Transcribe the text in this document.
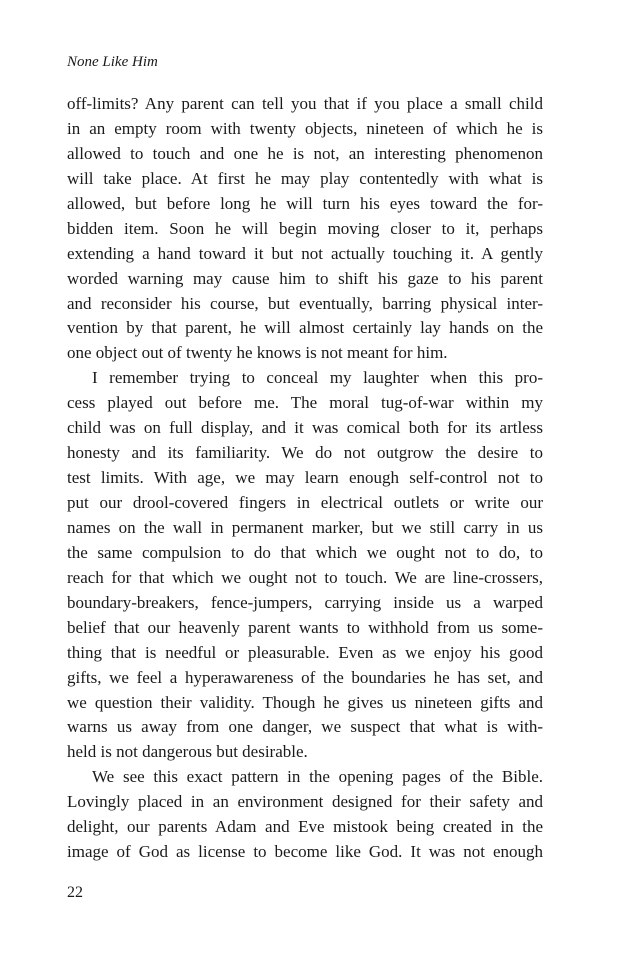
None Like Him
off-limits? Any parent can tell you that if you place a small child
in an empty room with twenty objects, nineteen of which he is
allowed to touch and one he is not, an interesting phenomenon
will take place. At first he may play contentedly with what is
allowed, but before long he will turn his eyes toward the for-
bidden item. Soon he will begin moving closer to it, perhaps
extending a hand toward it but not actually touching it. A gently
worded warning may cause him to shift his gaze to his parent
and reconsider his course, but eventually, barring physical inter-
vention by that parent, he will almost certainly lay hands on the
one object out of twenty he knows is not meant for him.
I remember trying to conceal my laughter when this pro-
cess played out before me. The moral tug-of-war within my
child was on full display, and it was comical both for its artless
honesty and its familiarity. We do not outgrow the desire to
test limits. With age, we may learn enough self-control not to
put our drool-covered fingers in electrical outlets or write our
names on the wall in permanent marker, but we still carry in us
the same compulsion to do that which we ought not to do, to
reach for that which we ought not to touch. We are line-crossers,
boundary-breakers, fence-jumpers, carrying inside us a warped
belief that our heavenly parent wants to withhold from us some-
thing that is needful or pleasurable. Even as we enjoy his good
gifts, we feel a hyperawareness of the boundaries he has set, and
we question their validity. Though he gives us nineteen gifts and
warns us away from one danger, we suspect that what is with-
held is not dangerous but desirable.
We see this exact pattern in the opening pages of the Bible.
Lovingly placed in an environment designed for their safety and
delight, our parents Adam and Eve mistook being created in the
image of God as license to become like God. It was not enough
22
